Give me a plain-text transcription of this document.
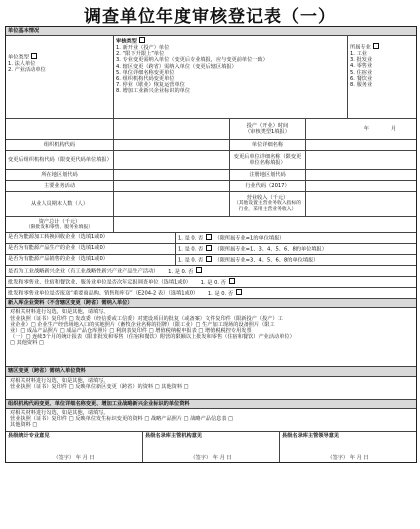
调查单位年度审核登记表（一）
单位基本情况
单位类型
1. 法人单位
2. 产业活动单位
审核类型
1. 新开业（投产）单位
2. “限下升限上”单位
3. 专业变更需纳入单位（变更后专业填报，应与变更前单位一致）
4. 辖区变更（跨省）需纳入单位（变更后辖区填报）
5. 单位详细名称变更单位
6. 组织机构代码变更单位
7. 停业（歇业）恢复运营单位
8. 增加工业新兴企业标识的单位
所属专业
1. 工业
3. 批发业
4. 零售业
5. 住宿业
6. 餐饮业
8. 服务业
投产（开业）时间
（审核类型1填报）
年	月
组织机构代码	单位详细名称
变更后组织机构代码（限变更代码单位填报）
变更后单位详细名称（限变更单位名称填报）
所在地区划代码	注册地区划代码
主要业务活动	行业代码（2017）
从业人员期末人数（人）
营业收入（千元）
（其他设置主营业务收入指标的行业，采用主营业务收入）
资产总计（千元）
（限批发和零售、服务业填报）
是否为能源加工转换回收企业（选填1或0）	1. 是 0. 否 （限所属专业=1的单位填报）
是否为有能源产品生产的企业（选填1或0）	1. 是 0. 否 （限所属专业=1、3、4、5、6、8的单位填报）
是否为有能源产品销售的企业（选填1或0）	1. 是 0. 否 （限所属专业=3、4、5、6、8的单位填报）
是否为工业战略新兴企业（有工业战略性新兴产业产品生产活动） 1. 是 0. 否
批发和零售业、住宿和餐饮业、服务业单位是否次年定报调查单位（选填1或0） 1. 是 0. 否
批发和零售业单位是否报送“重要商品购、销售和库存”（E204-2 表）（选填1或0） 1. 是 0. 否
新入库企业资料（不含辖区变更（跨省）需纳入单位）
对相关材料进行勾选，如是其他，请填写。
营业执照（证书）复印件 □ 发改委（经信委或工信委）对建设项目的批复（或备案）文件复印件（限新投产（投产）工
业企业）□ 企业生产经营场地入口的实地照片（畜牧企业名称的招牌）（限工业）□ 生产加工现场的设备照片（限工
业）□ 成品产品照片 □ 成品产品仓库照片 □ 利润表复印件 □ 增值税纳税申报表 □ 增值税税控专用发票
（一）□ 连续3个月的统计报表（限非批发和零售（住宿和餐饮）附营的限额以上批发和零售（住宿和餐饮）产业活动单位）
□ 其他资料 □
辖区变更（跨省）需纳入单位资料
对相关材料进行勾选，如是其他，请填写。
营业执照（证书）复印件 □ 反映单位新区变更（跨省）的资料 □ 其他资料 □
组织机构代码变更、单位详细名称变更、增加工业战略新兴企业标识的单位资料
对相关材料进行勾选，如是其他，请填写。
营业执照（证书）复印件 □ 反映单位发生标识变更的资料 □ 战略产品照片 □ 战略产品信息表 □
其他资料 □
县级统计专业意见
（签字） 年 月 日
县级名录库主管机构意见
（签字） 年 月 日
县级名录库主管领导意见
（签字） 年 月 日
